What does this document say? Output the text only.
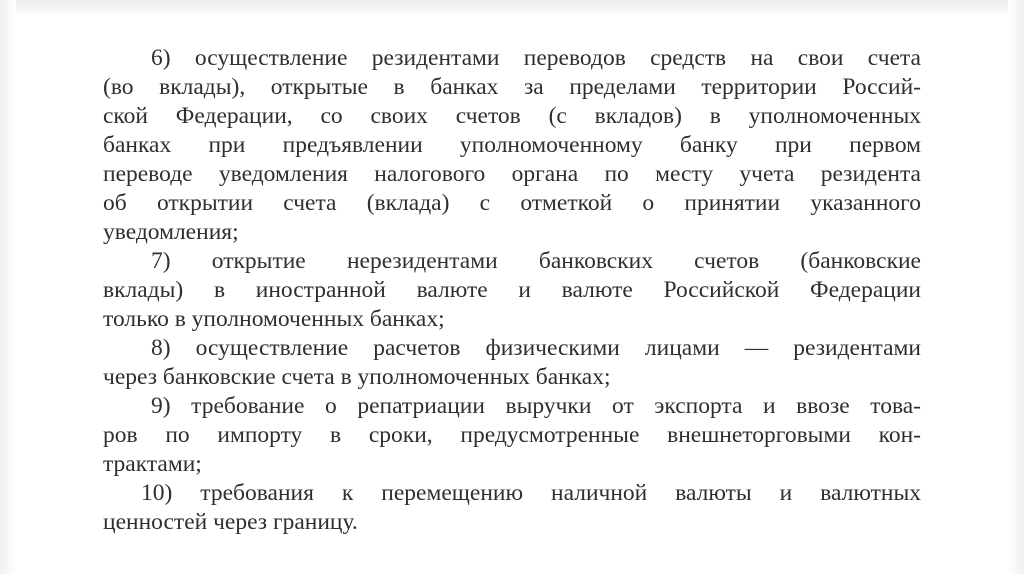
6) осуществление резидентами переводов средств на свои счета
(во вклады), открытые в банках за пределами территории Россий-
ской Федерации, со своих счетов (с вкладов) в уполномоченных
банках при предъявлении уполномоченному банку при первом
переводе уведомления налогового органа по месту учета резидента
об открытии счета (вклада) с отметкой о принятии указанного
уведомления;
7) открытие нерезидентами банковских счетов (банковские
вклады) в иностранной валюте и валюте Российской Федерации
только в уполномоченных банках;
8) осуществление расчетов физическими лицами — резидентами
через банковские счета в уполномоченных банках;
9) требование о репатриации выручки от экспорта и ввозе това-
ров по импорту в сроки, предусмотренные внешнеторговыми кон-
трактами;
10) требования к перемещению наличной валюты и валютных
ценностей через границу.
